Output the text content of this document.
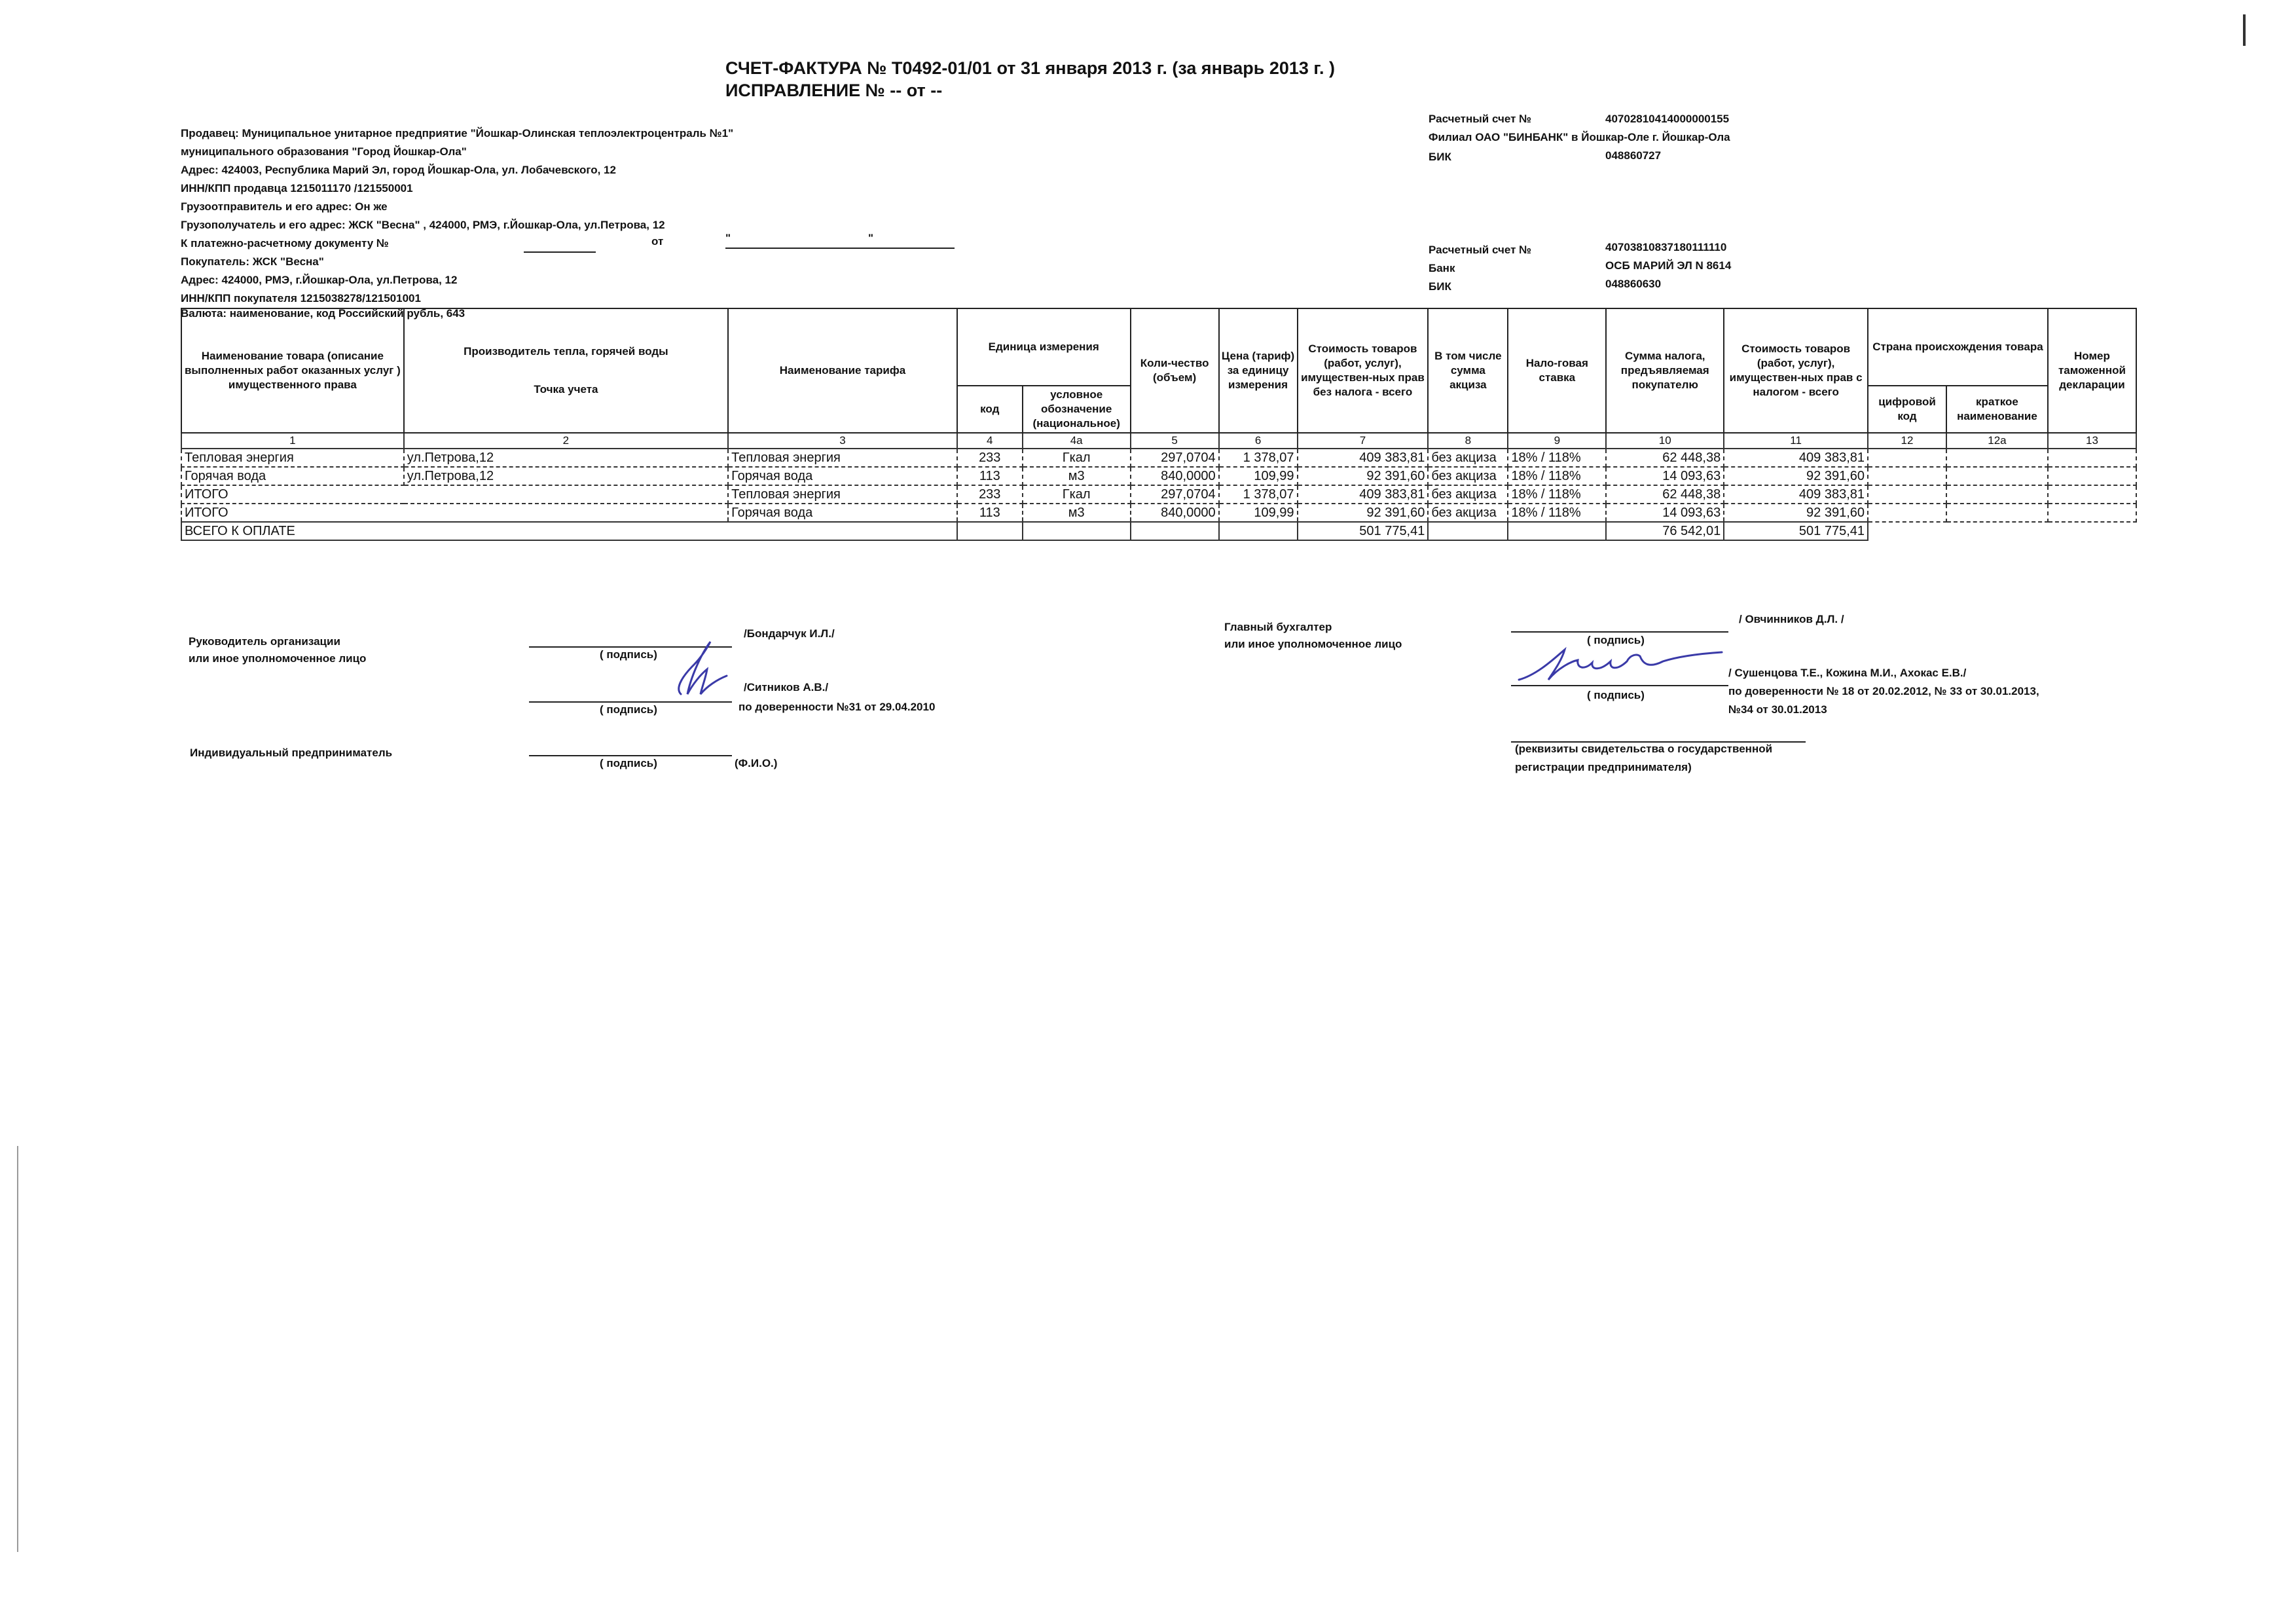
СЧЕТ-ФАКТУРА № Т0492-01/01 от 31 января 2013 г. (за январь 2013 г. )
ИСПРАВЛЕНИЕ № -- от --
Продавец: Муниципальное унитарное предприятие "Йошкар-Олинская теплоэлектроцентраль №1"
муниципального образования "Город Йошкар-Ола"
Адрес: 424003, Республика Марий Эл, город Йошкар-Ола, ул. Лобачевского, 12
ИНН/КПП продавца 1215011170 /121550001
Грузоотправитель и его адрес: Он же
Грузополучатель и его адрес: ЖСК "Весна" , 424000, РМЭ, г.Йошкар-Ола, ул.Петрова, 12
К платежно-расчетному документу №	от	"	"
Покупатель: ЖСК "Весна"
Адрес: 424000, РМЭ, г.Йошкар-Ола, ул.Петрова, 12
ИНН/КПП покупателя 1215038278/121501001
Валюта: наименование, код Российский рубль, 643
Расчетный счет №	40702810414000000155
Филиал ОАО "БИНБАНК" в Йошкар-Оле г. Йошкар-Ола
БИК	048860727
Расчетный счет №	40703810837180111110
Банк	ОСБ МАРИЙ ЭЛ N 8614
БИК	048860630
Наименование товара (описание выполненных работ оказанных услуг ) имущественного права	Производитель тепла, горячей воды
Точка учета	Наименование тарифа	Единица измерения		Коли-чество (объем)	Цена (тариф) за единицу измерения	Стоимость товаров (работ, услуг), имуществен-ных прав без налога - всего	В том числе сумма акциза	Нало-говая ставка	Сумма налога, предъявляемая покупателю	Стоимость товаров (работ, услуг), имуществен-ных прав с налогом - всего	Страна происхождения товара		Номер таможенной декларации
			код	условное обозначение (национальное)								цифровой код	краткое наименование	
1	2	3	4	4а	5	6	7	8	9	10	11	12	12а	13
Тепловая энергия	ул.Петрова,12	Тепловая энергия	233	Гкал	297,0704	1 378,07	409 383,81	без акциза	18% / 118%	62 448,38	409 383,81			
Горячая вода	ул.Петрова,12	Горячая вода	113	м3	840,0000	109,99	92 391,60	без акциза	18% / 118%	14 093,63	92 391,60			
ИТОГО		Тепловая энергия	233	Гкал	297,0704	1 378,07	409 383,81	без акциза	18% / 118%	62 448,38	409 383,81			
ИТОГО		Горячая вода	113	м3	840,0000	109,99	92 391,60	без акциза	18% / 118%	14 093,63	92 391,60			
ВСЕГО К ОПЛАТЕ							501 775,41			76 542,01	501 775,41			
Руководитель организации
или иное уполномоченное лицо
/Бондарчук И.Л./
( подпись)
/Ситников А.В./
( подпись)	по доверенности №31 от 29.04.2010
Индивидуальный предприниматель
( подпись)	(Ф.И.О.)
Главный бухгалтер
или иное уполномоченное лицо
/ Овчинников Д.Л. /
( подпись)
/ Сушенцова Т.Е., Кожина М.И., Ахокас Е.В./
( подпись)	по доверенности № 18 от 20.02.2012, № 33 от 30.01.2013,
№34 от 30.01.2013
(реквизиты свидетельства о государственной
регистрации предпринимателя)
